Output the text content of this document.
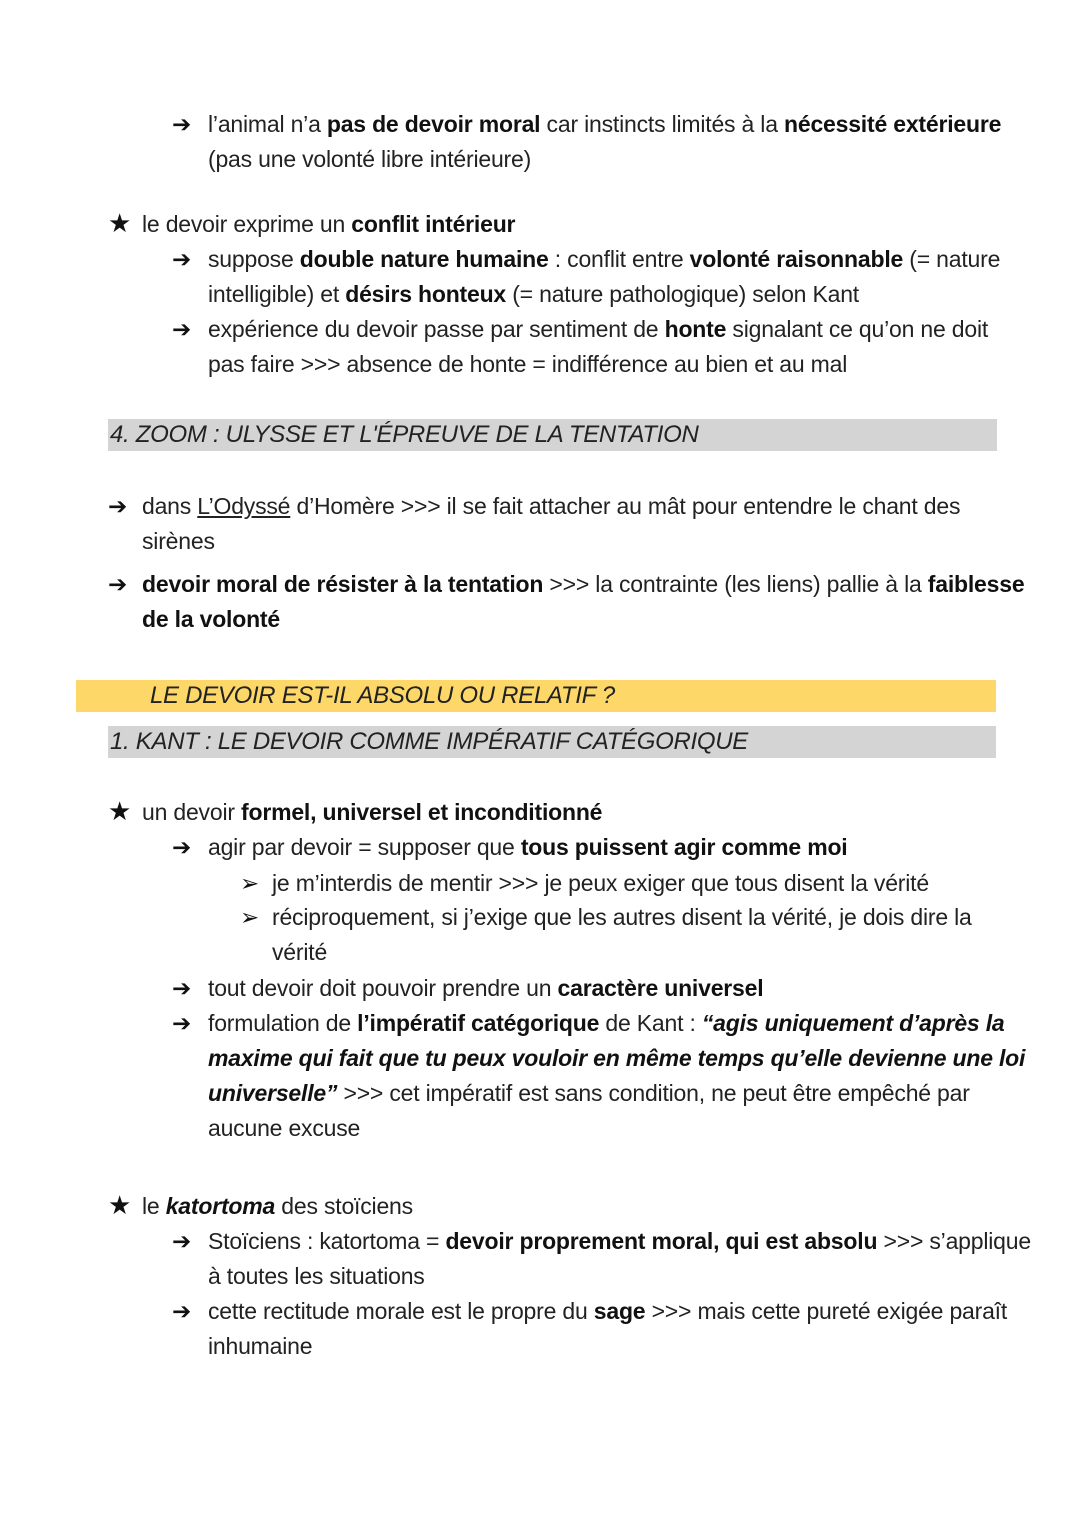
➔ l’animal n’a pas de devoir moral car instincts limités à la nécessité extérieure
(pas une volonté libre intérieure)
★ le devoir exprime un conflit intérieur
➔ suppose double nature humaine : conflit entre volonté raisonnable (= nature
intelligible) et désirs honteux (= nature pathologique) selon Kant
➔ expérience du devoir passe par sentiment de honte signalant ce qu’on ne doit
pas faire >>> absence de honte = indifférence au bien et au mal
4. ZOOM : ULYSSE ET L'ÉPREUVE DE LA TENTATION
➔ dans L’Odyssé d’Homère >>> il se fait attacher au mât pour entendre le chant des
sirènes
➔ devoir moral de résister à la tentation >>> la contrainte (les liens) pallie à la faiblesse
de la volonté
LE DEVOIR EST-IL ABSOLU OU RELATIF ?
1. KANT : LE DEVOIR COMME IMPÉRATIF CATÉGORIQUE
★ un devoir formel, universel et inconditionné
➔ agir par devoir = supposer que tous puissent agir comme moi
➢ je m’interdis de mentir >>> je peux exiger que tous disent la vérité
➢ réciproquement, si j’exige que les autres disent la vérité, je dois dire la
vérité
➔ tout devoir doit pouvoir prendre un caractère universel
➔ formulation de l’impératif catégorique de Kant : “agis uniquement d’après la
maxime qui fait que tu peux vouloir en même temps qu’elle devienne une loi
universelle” >>> cet impératif est sans condition, ne peut être empêché par
aucune excuse
★ le katortoma des stoïciens
➔ Stoïciens : katortoma = devoir proprement moral, qui est absolu >>> s’applique
à toutes les situations
➔ cette rectitude morale est le propre du sage >>> mais cette pureté exigée paraît
inhumaine
